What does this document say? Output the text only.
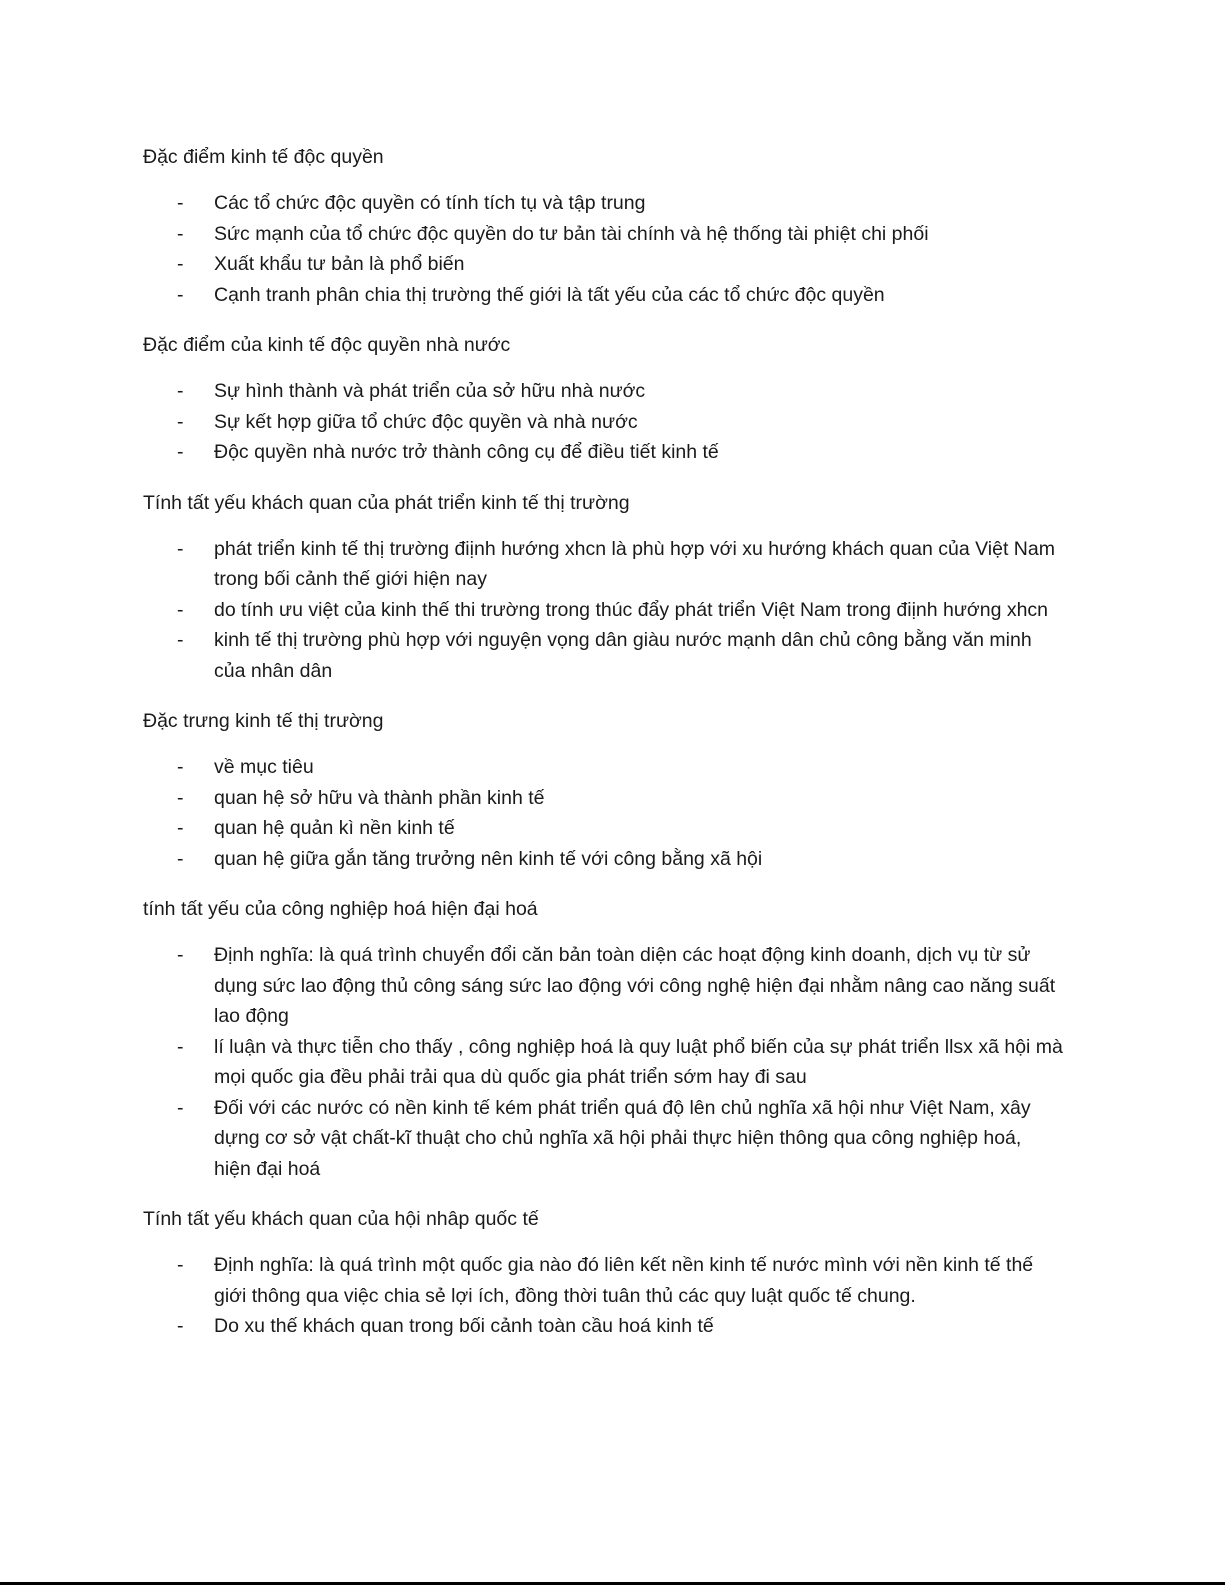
Đặc điểm kinh tế độc quyền
- Các tổ chức độc quyền có tính tích tụ và tập trung
- Sức mạnh của tổ chức độc quyền do tư bản tài chính và hệ thống tài phiệt chi phối
- Xuất khẩu tư bản là phổ biến
- Cạnh tranh phân chia thị trường thế giới là tất yếu của các tổ chức độc quyền
Đặc điểm của kinh tế độc quyền nhà nước
- Sự hình thành và phát triển của sở hữu nhà nước
- Sự kết hợp giữa tổ chức độc quyền và nhà nước
- Độc quyền nhà nước trở thành công cụ để điều tiết kinh tế
Tính tất yếu khách quan của phát triển kinh tế thị trường
- phát triển kinh tế thị trường điịnh hướng xhcn là phù hợp với xu hướng khách quan của Việt Nam trong bối cảnh thế giới hiện nay
- do tính ưu việt của kinh thế thi trường trong thúc đẩy phát triển Việt Nam trong điịnh hướng xhcn
- kinh tế thị trường phù hợp với nguyện vọng dân giàu nước mạnh dân chủ công bằng văn minh của nhân dân
Đặc trưng kinh tế thị trường
- về mục tiêu
- quan hệ sở hữu và thành phần kinh tế
- quan hệ quản kì nền kinh tế
- quan hệ giữa gắn tăng trưởng nên kinh tế với công bằng xã hội
tính tất yếu của công nghiệp hoá hiện đại hoá
- Định nghĩa: là quá trình chuyển đổi căn bản toàn diện các hoạt động kinh doanh, dịch vụ từ sử dụng sức lao động thủ công sáng sức lao động với công nghệ hiện đại nhằm nâng cao năng suất lao động
- lí luận và thực tiễn cho thấy , công nghiệp hoá là quy luật phổ biến của sự phát triển llsx xã hội mà mọi quốc gia đều phải trải qua dù quốc gia phát triển sớm hay đi sau
- Đối với các nước có nền kinh tế kém phát triển quá độ lên chủ nghĩa xã hội như Việt Nam, xây dựng cơ sở vật chất-kĩ thuật cho chủ nghĩa xã hội phải thực hiện thông qua công nghiệp hoá, hiện đại hoá
Tính tất yếu khách quan của hội nhâp quốc tế
- Định nghĩa: là quá trình một quốc gia nào đó liên kết nền kinh tế nước mình với nền kinh tế thế giới thông qua việc chia sẻ lợi ích, đồng thời tuân thủ các quy luật quốc tế chung.
- Do xu thế khách quan trong bối cảnh toàn cầu hoá kinh tế
